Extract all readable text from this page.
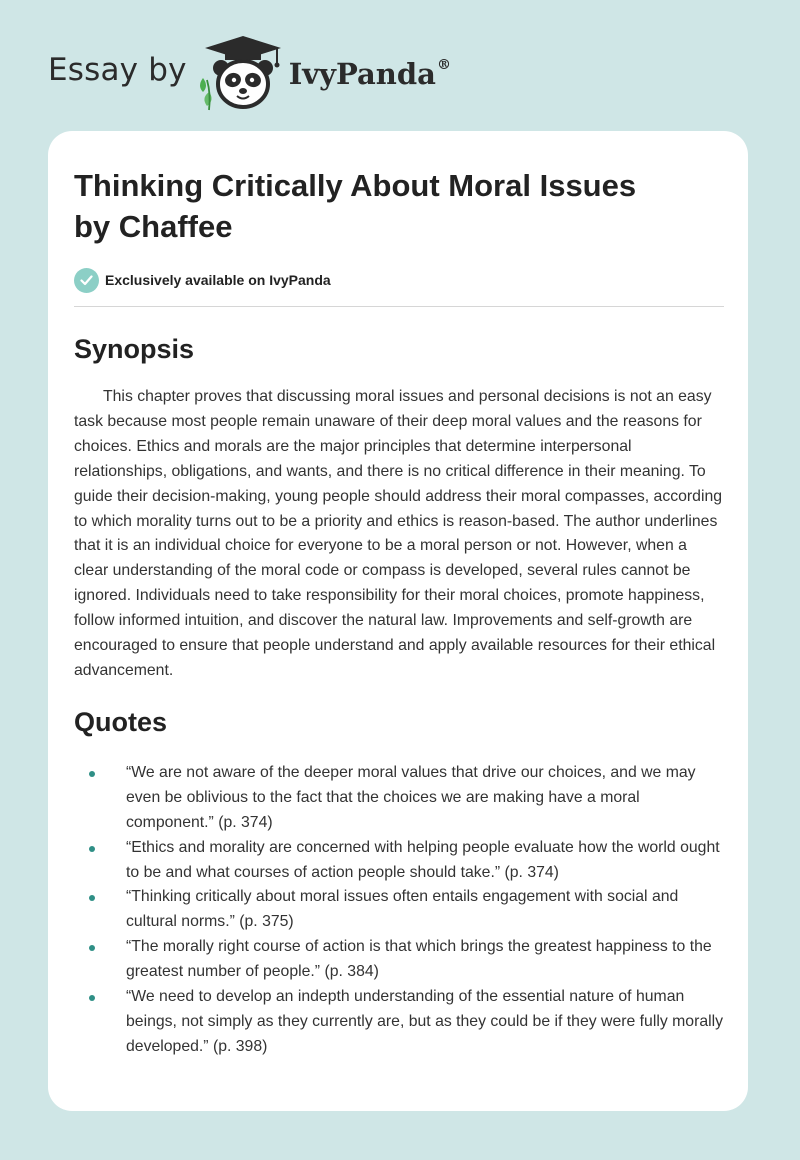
Essay by	IvyPanda®
Thinking Critically About Moral Issues
by Chaffee
Exclusively available on IvyPanda
Synopsis

This chapter proves that discussing moral issues and personal decisions is not an easy task because most people remain unaware of their deep moral values and the reasons for choices. Ethics and morals are the major principles that determine interpersonal relationships, obligations, and wants, and there is no critical difference in their meaning. To guide their decision-making, young people should address their moral compasses, according to which morality turns out to be a priority and ethics is reason-based. The author underlines that it is an individual choice for everyone to be a moral person or not. However, when a clear understanding of the moral code or compass is developed, several rules cannot be ignored. Individuals need to take responsibility for their moral choices, promote happiness, follow informed intuition, and discover the natural law. Improvements and self-growth are encouraged to ensure that people understand and apply available resources for their ethical advancement.

Quotes
“We are not aware of the deeper moral values that drive our choices, and we may even be oblivious to the fact that the choices we are making have a moral component.” (p. 374)
“Ethics and morality are concerned with helping people evaluate how the world ought to be and what courses of action people should take.” (p. 374)
“Thinking critically about moral issues often entails engagement with social and cultural norms.” (p. 375)
“The morally right course of action is that which brings the greatest happiness to the greatest number of people.” (p. 384)
“We need to develop an indepth understanding of the essential nature of human beings, not simply as they currently are, but as they could be if they were fully morally developed.” (p. 398)
